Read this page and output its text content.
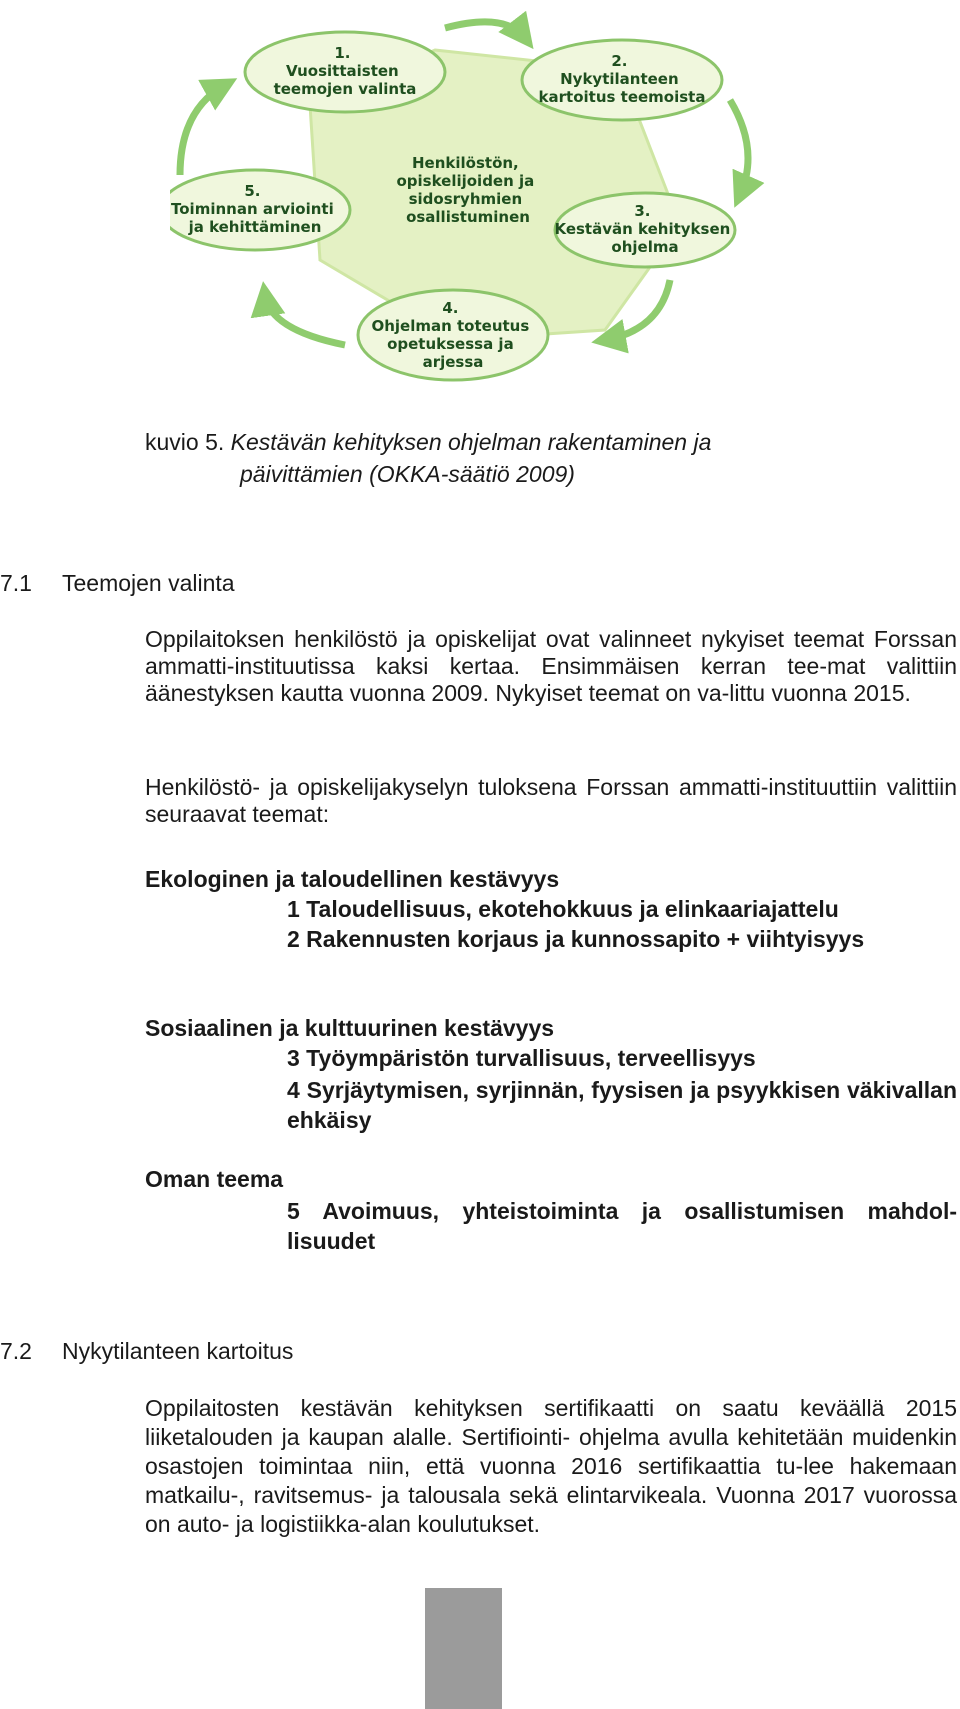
1. Vuosittaisten teemojen valinta
2. Nykytilanteen kartoitus teemoista
3. Kestävän kehityksen ohjelma
4. Ohjelman toteutus opetuksessa ja arjessa
5. Toiminnan arviointi ja kehittäminen
Henkilöstön, opiskelijoiden ja sidosryhmien osallistuminen
kuvio 5. Kestävän kehityksen ohjelman rakentaminen ja
päivittämien (OKKA-säätiö 2009)
7.1 Teemojen valinta
Oppilaitoksen henkilöstö ja opiskelijat ovat valinneet nykyiset teemat Forssan ammatti-instituutissa kaksi kertaa. Ensimmäisen kerran tee-mat valittiin äänestyksen kautta vuonna 2009. Nykyiset teemat on va-littu vuonna 2015.
Henkilöstö- ja opiskelijakyselyn tuloksena Forssan ammatti-instituuttiin valittiin seuraavat teemat:
Ekologinen ja taloudellinen kestävyys
1 Taloudellisuus, ekotehokkuus ja elinkaariajattelu
2 Rakennusten korjaus ja kunnossapito + viihtyisyys
Sosiaalinen ja kulttuurinen kestävyys
3 Työympäristön turvallisuus, terveellisyys
4 Syrjäytymisen, syrjinnän, fyysisen ja psyykkisen väkivallan ehkäisy
Oman teema
5 Avoimuus, yhteistoiminta ja osallistumisen mahdol-lisuudet
7.2 Nykytilanteen kartoitus
Oppilaitosten kestävän kehityksen sertifikaatti on saatu keväällä 2015 liiketalouden ja kaupan alalle. Sertifiointi- ohjelma avulla kehitetään muidenkin osastojen toimintaa niin, että vuonna 2016 sertifikaattia tu-lee hakemaan matkailu-, ravitsemus- ja talousala sekä elintarvikeala. Vuonna 2017 vuorossa on auto- ja logistiikka-alan koulutukset.
